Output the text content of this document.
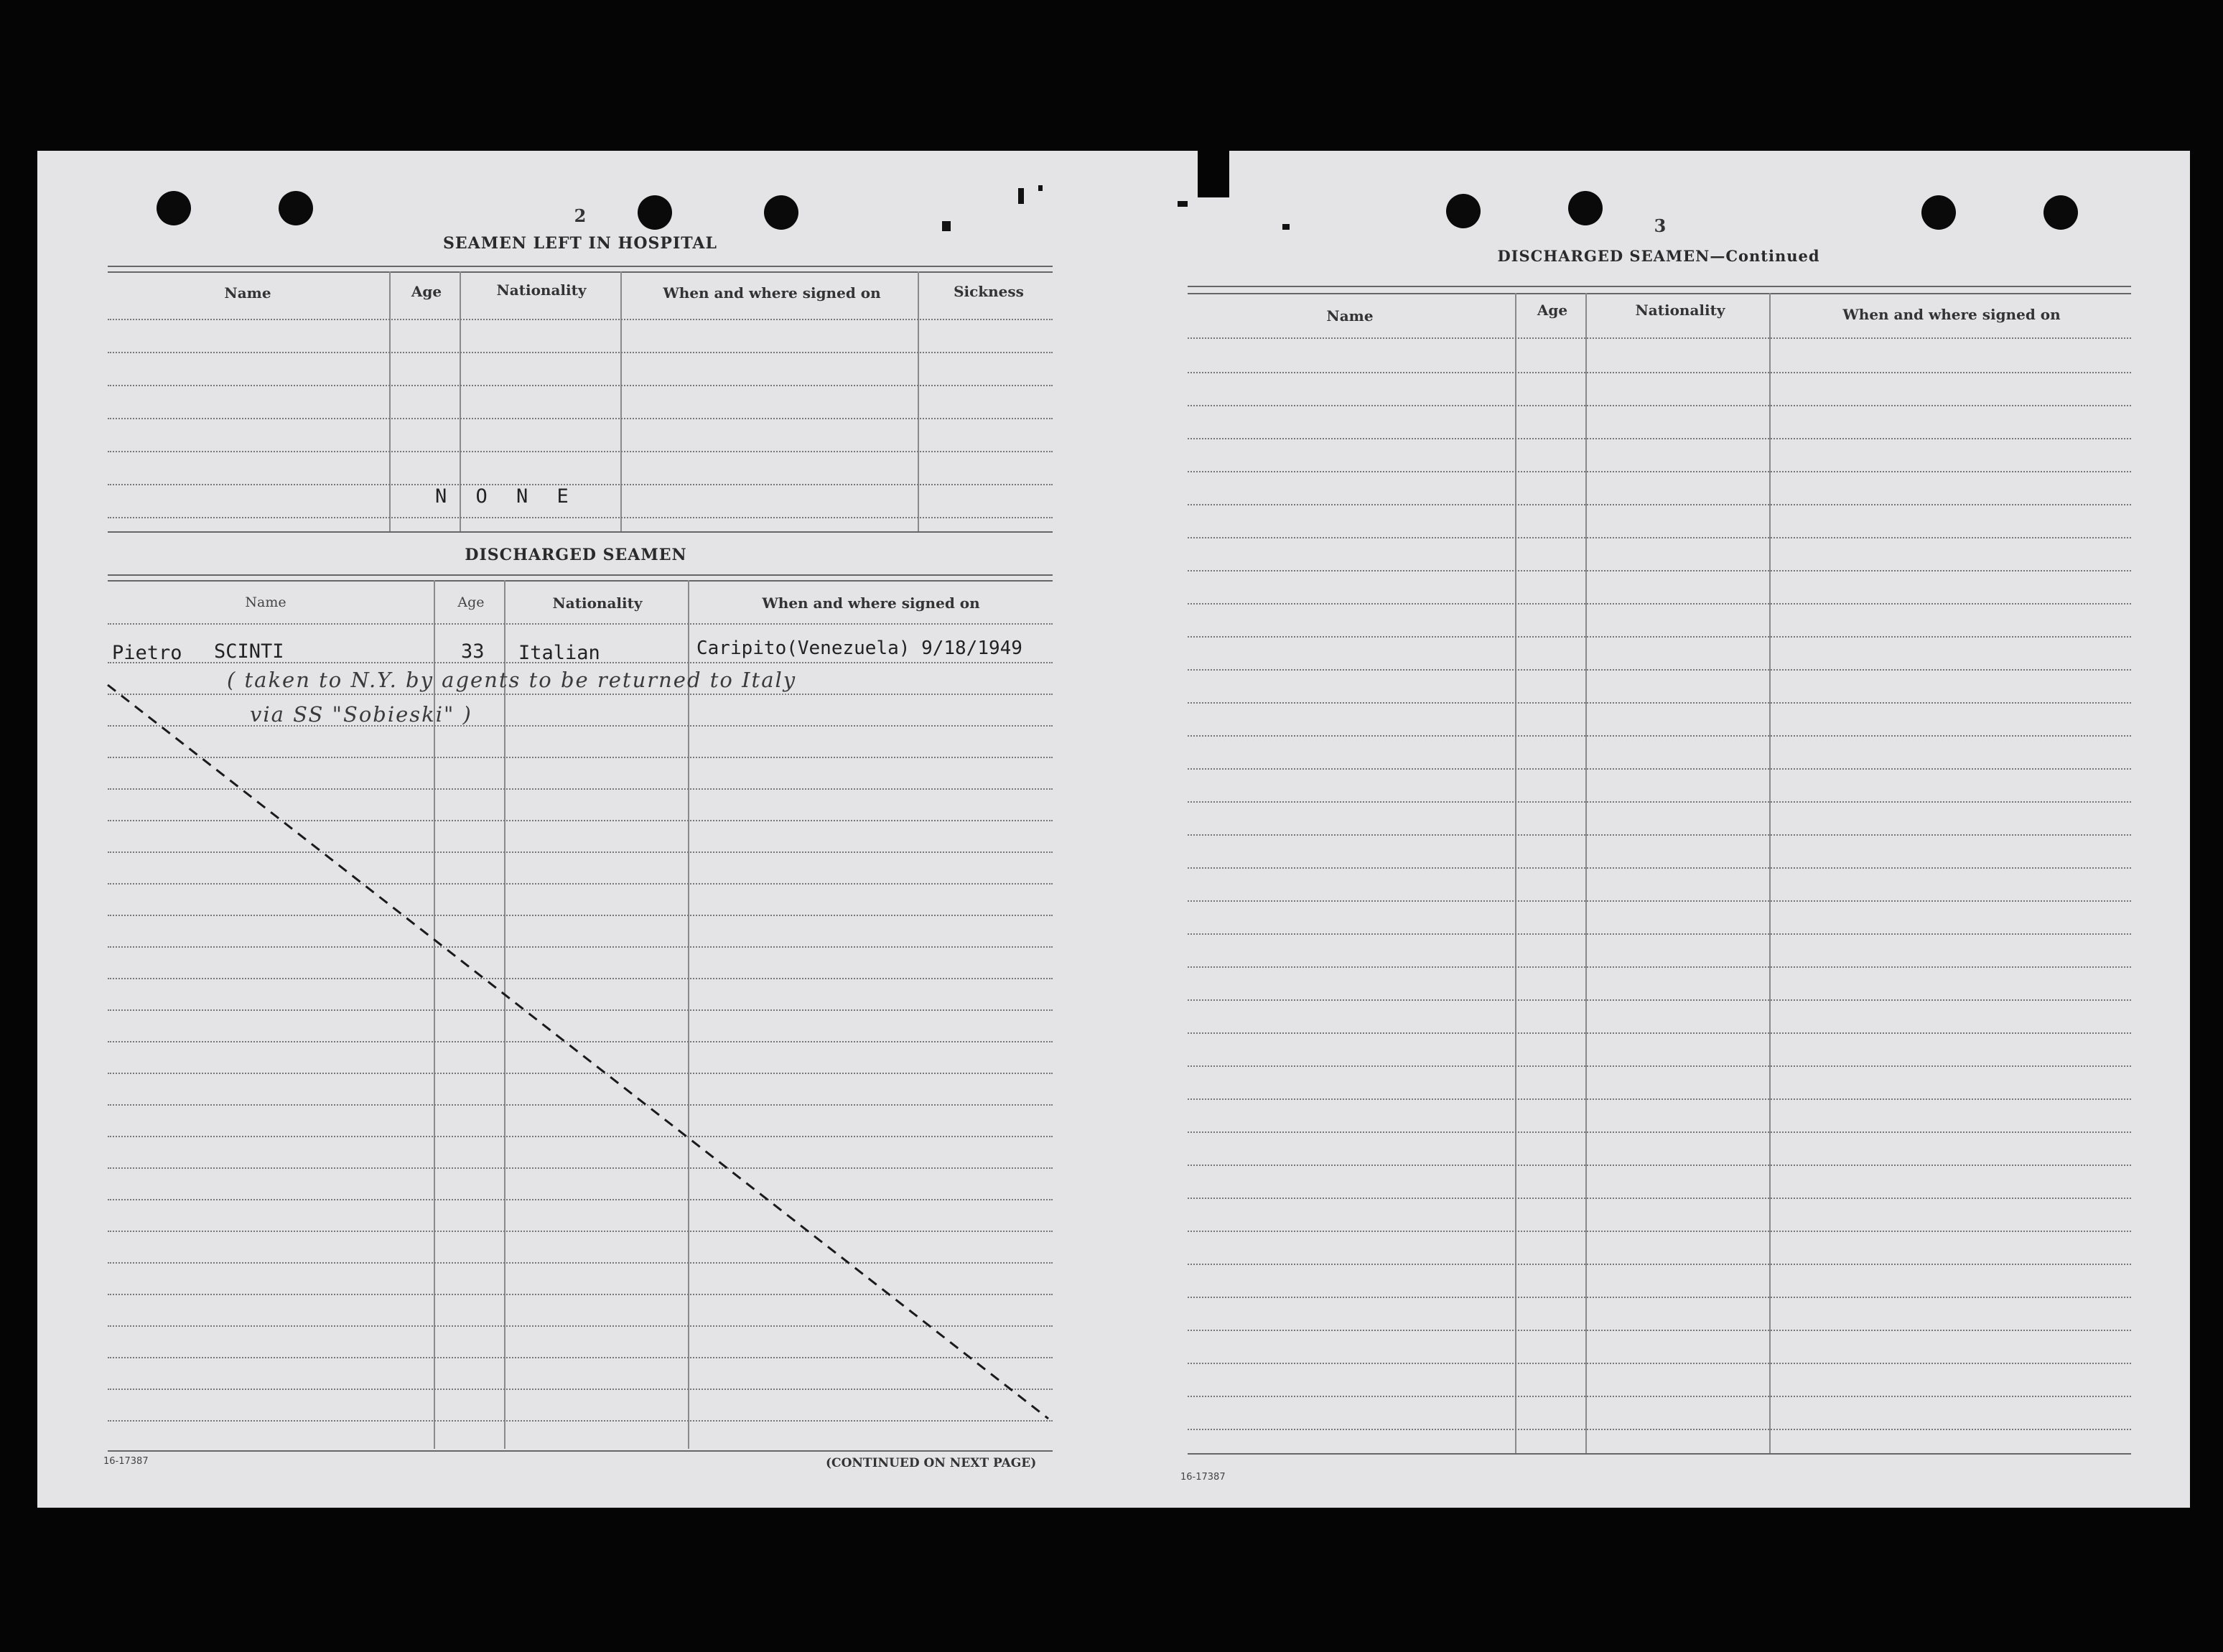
2
SEAMEN LEFT IN HOSPITAL
Name	Age	Nationality	When and where signed on	Sickness
N O N E
DISCHARGED SEAMEN
Name	Age	Nationality	When and where signed on
Pietro SCINTI	33 Italian	Caripito(Venezuela) 9/18/1949
( taken to N.Y. by agents to be returned to Italy
via SS "Sobieski" )
16-17387	(CONTINUED ON NEXT PAGE)
3
DISCHARGED SEAMEN—Continued
Name	Age	Nationality	When and where signed on
16-17387
